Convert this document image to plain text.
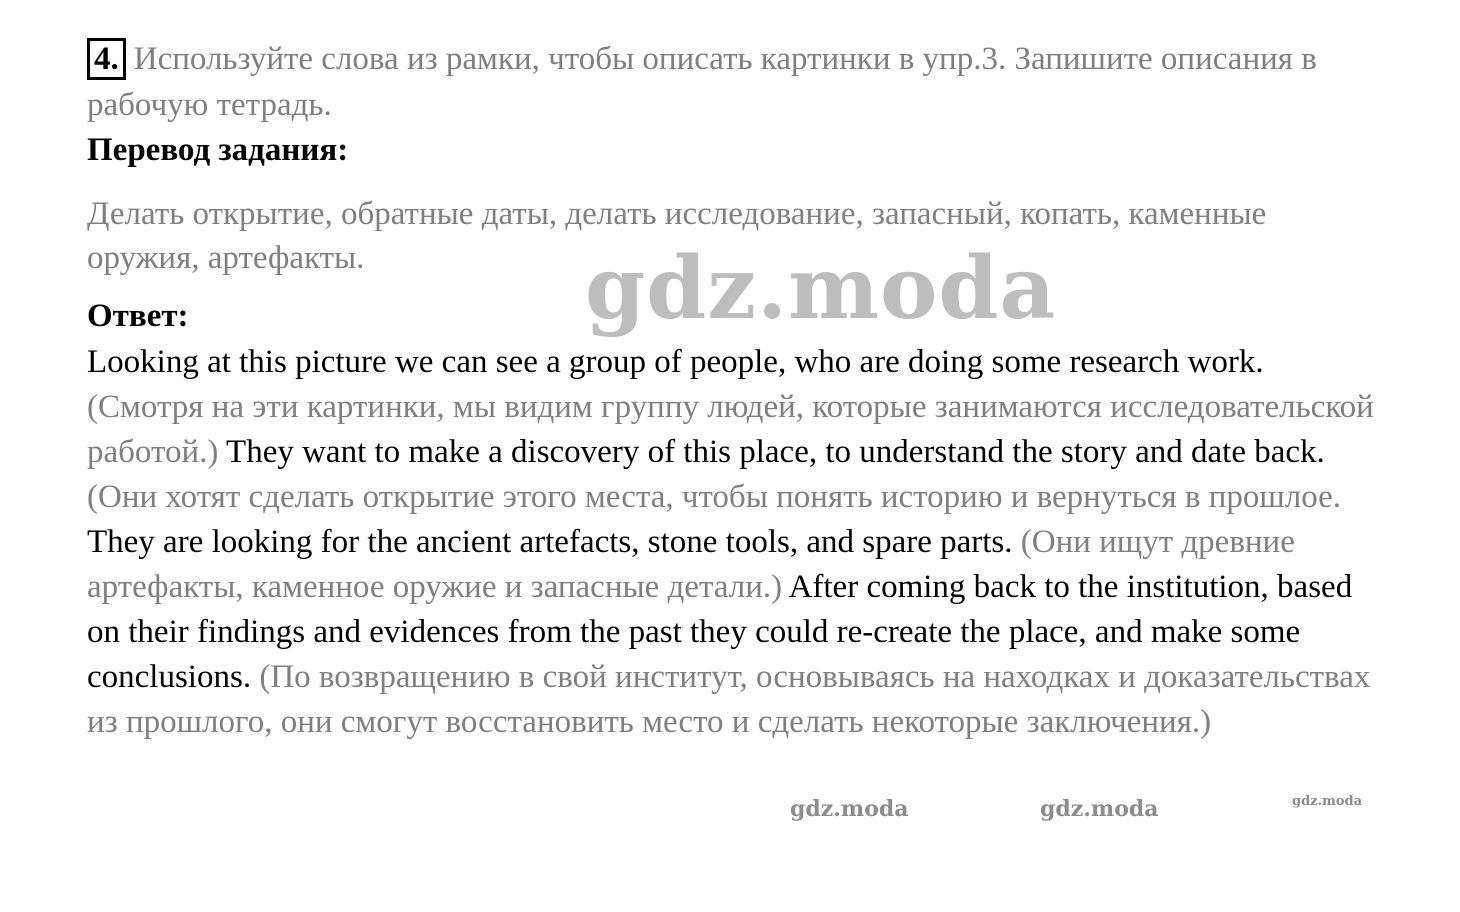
4. Используйте слова из рамки, чтобы описать картинки в упр.3. Запишите описания в рабочую тетрадь.
Перевод задания:
Делать открытие, обратные даты, делать исследование, запасный, копать, каменные оружия, артефакты.	gdz.moda
Ответ:

Looking at this picture we can see a group of people, who are doing some research work. (Смотря на эти картинки, мы видим группу людей, которые занимаются исследовательской работой.) They want to make a discovery of this place, to understand the story and date back. (Они хотят сделать открытие этого места, чтобы понять историю и вернуться в прошлое. They are looking for the ancient artefacts, stone tools, and spare parts. (Они ищут древние артефакты, каменное оружие и запасные детали.) After coming back to the institution, based on their findings and evidences from the past they could re-create the place, and make some conclusions. (По возвращению в свой институт, основываясь на находках и доказательствах из прошлого, они смогут восстановить место и сделать некоторые заключения.)

gdz.moda	gdz.moda	gdz.moda
